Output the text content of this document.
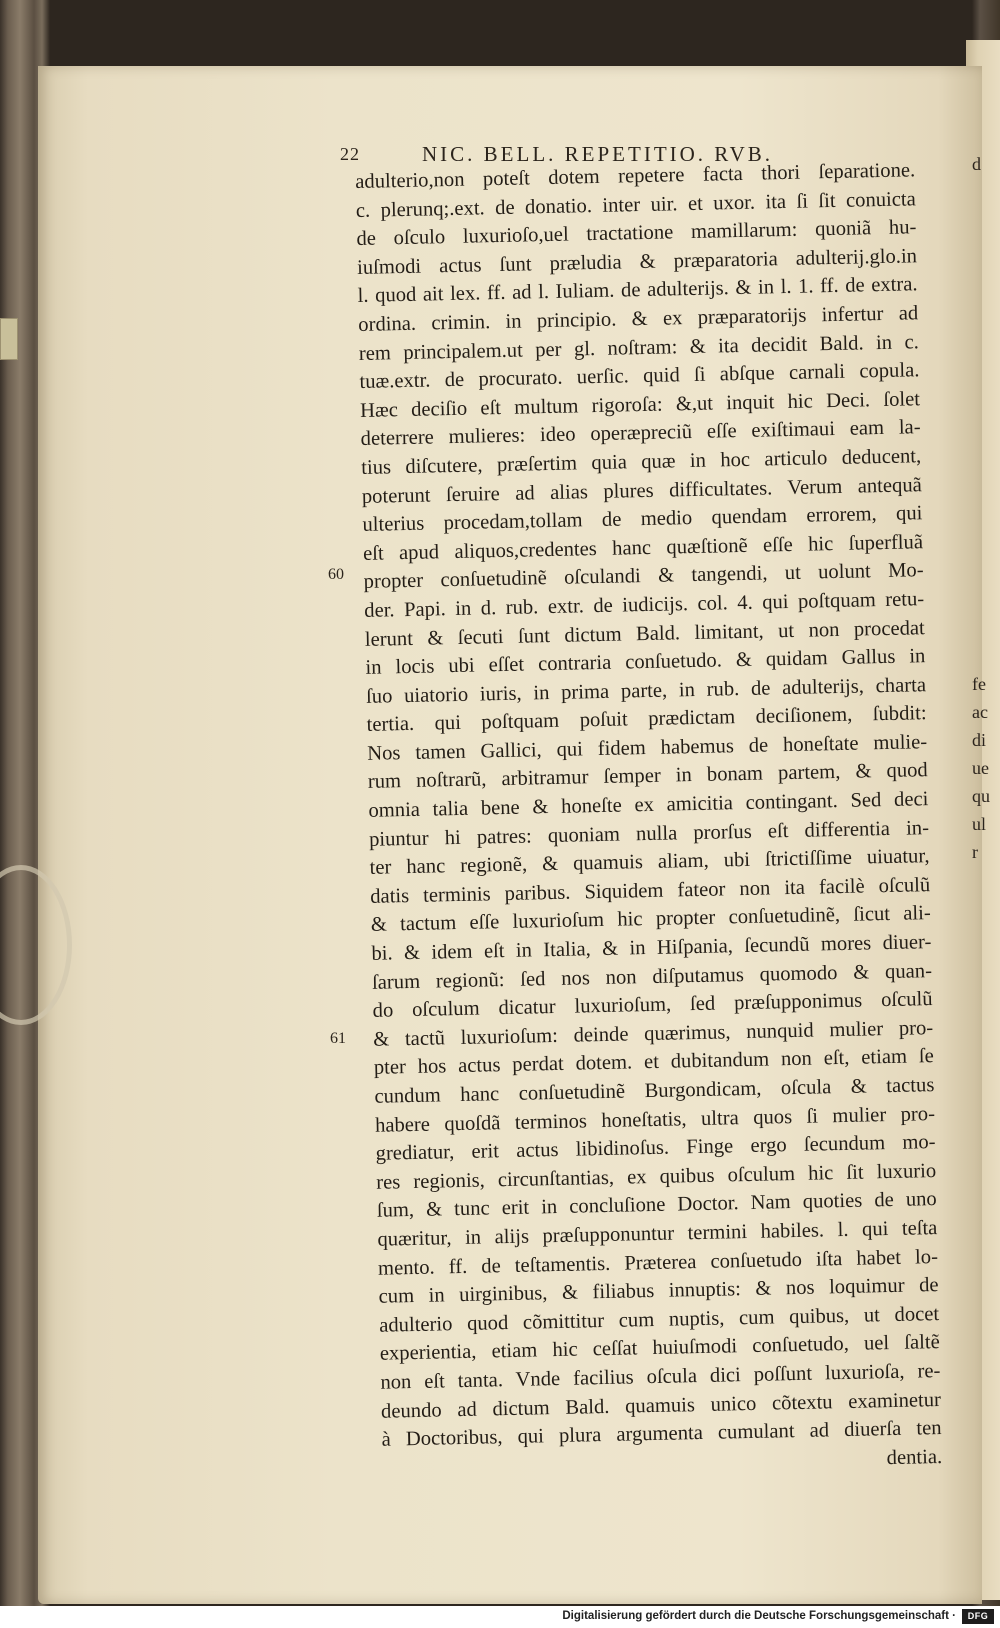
22	NIC. BELL. REPETITIO. RVB.
adulterio,non poteſt dotem repetere facta thori ſeparatione.
c. plerunq;.ext. de donatio. inter uir. et uxor. ita ſi ſit conuicta
de oſculo luxurioſo,uel tractatione mamillarum: quoniã hu-
iuſmodi actus ſunt præludia & præparatoria adulterij.glo.in
l. quod ait lex. ff. ad l. Iuliam. de adulterijs. & in l. 1. ff. de extra.
ordina. crimin. in principio. & ex præparatorijs infertur ad
rem principalem.ut per gl. noſtram: & ita decidit Bald. in c.
tuæ.extr. de procurato. uerſic. quid ſi abſque carnali copula.
Hæc deciſio eſt multum rigoroſa: &,ut inquit hic Deci. ſolet
deterrere mulieres: ideo operæpreciũ eſſe exiſtimaui eam la-
tius diſcutere, præſertim quia quæ in hoc articulo deducent,
poterunt ſeruire ad alias plures difficultates. Verum antequã
ulterius procedam,tollam de medio quendam errorem, qui
eſt apud aliquos,credentes hanc quæſtionẽ eſſe hic ſuperfluã
propter conſuetudinẽ oſculandi & tangendi, ut uolunt Mo-
der. Papi. in d. rub. extr. de iudicijs. col. 4. qui poſtquam retu-
lerunt & ſecuti ſunt dictum Bald. limitant, ut non procedat
in locis ubi eſſet contraria conſuetudo. & quidam Gallus in
ſuo uiatorio iuris, in prima parte, in rub. de adulterijs, charta
tertia. qui poſtquam poſuit prædictam deciſionem, ſubdit:
Nos tamen Gallici, qui fidem habemus de honeſtate mulie-
rum noſtrarũ, arbitramur ſemper in bonam partem, & quod
omnia talia bene & honeſte ex amicitia contingant. Sed deci
piuntur hi patres: quoniam nulla prorſus eſt differentia in-
ter hanc regionẽ, & quamuis aliam, ubi ſtrictiſſime uiuatur,
datis terminis paribus. Siquidem fateor non ita facilè oſculũ
& tactum eſſe luxurioſum hic propter conſuetudinẽ, ſicut ali-
bi. & idem eſt in Italia, & in Hiſpania, ſecundũ mores diuer-
ſarum regionũ: ſed nos non diſputamus quomodo & quan-
do oſculum dicatur luxurioſum, ſed præſupponimus oſculũ
& tactũ luxurioſum: deinde quærimus, nunquid mulier pro-
pter hos actus perdat dotem. et dubitandum non eſt, etiam ſe
cundum hanc conſuetudinẽ Burgondicam, oſcula & tactus
habere quoſdã terminos honeſtatis, ultra quos ſi mulier pro-
grediatur, erit actus libidinoſus. Finge ergo ſecundum mo-
res regionis, circunſtantias, ex quibus oſculum hic ſit luxurio
ſum, & tunc erit in concluſione Doctor. Nam quoties de uno
quæritur, in alijs præſupponuntur termini habiles. l. qui teſta
mento. ff. de teſtamentis. Præterea conſuetudo iſta habet lo-
cum in uirginibus, & filiabus innuptis: & nos loquimur de
adulterio quod cõmittitur cum nuptis, cum quibus, ut docet
experientia, etiam hic ceſſat huiuſmodi conſuetudo, uel ſaltẽ
non eſt tanta. Vnde facilius oſcula dici poſſunt luxurioſa, re-
deundo ad dictum Bald. quamuis unico cõtextu examinetur
à Doctoribus, qui plura argumenta cumulant ad diuerſa ten
dentia.
60
61
d
fe
ac
di
ue
qu
ul
r
Digitalisierung gefördert durch die Deutsche Forschungsgemeinschaft ·	DFG
